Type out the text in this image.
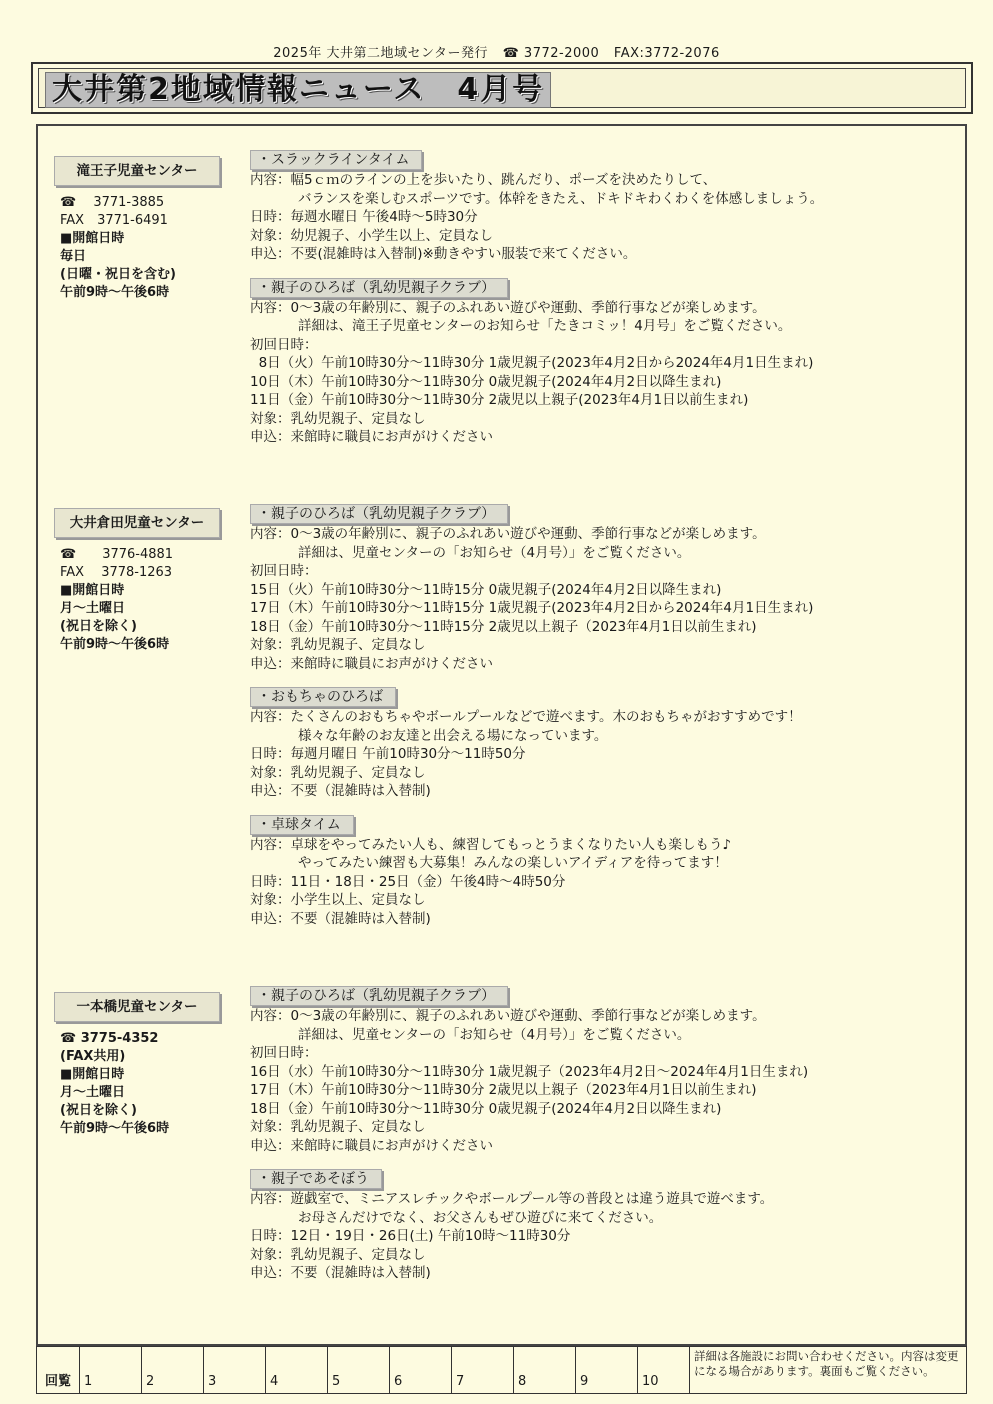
2025年 大井第二地域センター発行 ☎ 3772-2000 FAX:3772-2076
大井第2地域情報ニュース　4月号
滝王子児童センター
☎　 3771-3885
FAX　3771-6491
■開館日時
毎日
(日曜・祝日を含む)
午前9時～午後6時
・スラックラインタイム
内容：幅5ｃｍのラインの上を歩いたり、跳んだり、ポーズを決めたりして、
バランスを楽しむスポーツです。体幹をきたえ、ドキドキわくわくを体感しましょう。
日時：毎週水曜日 午後4時～5時30分
対象：幼児親子、小学生以上、定員なし
申込：不要(混雑時は入替制)※動きやすい服装で来てください。
・親子のひろば（乳幼児親子クラブ）
内容：0～3歳の年齢別に、親子のふれあい遊びや運動、季節行事などが楽しめます。
詳細は、滝王子児童センターのお知らせ「たきコミッ！4月号」をご覧ください。
初回日時：
8日（火）午前10時30分～11時30分 1歳児親子(2023年4月2日から2024年4月1日生まれ)
10日（木）午前10時30分～11時30分 0歳児親子(2024年4月2日以降生まれ)
11日（金）午前10時30分～11時30分 2歳児以上親子(2023年4月1日以前生まれ)
対象：乳幼児親子、定員なし
申込：来館時に職員にお声がけください
大井倉田児童センター
☎　　3776-4881
FAX　 3778-1263
■開館日時
月～土曜日
(祝日を除く)
午前9時～午後6時
・親子のひろば（乳幼児親子クラブ）
内容：0～3歳の年齢別に、親子のふれあい遊びや運動、季節行事などが楽しめます。
詳細は、児童センターの「お知らせ（4月号）」をご覧ください。
初回日時：
15日（火）午前10時30分～11時15分 0歳児親子(2024年4月2日以降生まれ)
17日（木）午前10時30分～11時15分 1歳児親子(2023年4月2日から2024年4月1日生まれ)
18日（金）午前10時30分～11時15分 2歳児以上親子（2023年4月1日以前生まれ)
対象：乳幼児親子、定員なし
申込：来館時に職員にお声がけください
・おもちゃのひろば
内容：たくさんのおもちゃやボールプールなどで遊べます。木のおもちゃがおすすめです！
様々な年齢のお友達と出会える場になっています。
日時：毎週月曜日 午前10時30分～11時50分
対象：乳幼児親子、定員なし
申込：不要（混雑時は入替制)
・卓球タイム
内容：卓球をやってみたい人も、練習してもっとうまくなりたい人も楽しもう♪
やってみたい練習も大募集！みんなの楽しいアイディアを待ってます！
日時：11日・18日・25日（金）午後4時～4時50分
対象：小学生以上、定員なし
申込：不要（混雑時は入替制)
一本橋児童センター
☎ 3775-4352
(FAX共用)
■開館日時
月～土曜日
(祝日を除く)
午前9時～午後6時
・親子のひろば（乳幼児親子クラブ）
内容：0～3歳の年齢別に、親子のふれあい遊びや運動、季節行事などが楽しめます。
詳細は、児童センターの「お知らせ（4月号）」をご覧ください。
初回日時：
16日（水）午前10時30分～11時30分 1歳児親子（2023年4月2日～2024年4月1日生まれ)
17日（木）午前10時30分～11時30分 2歳児以上親子（2023年4月1日以前生まれ)
18日（金）午前10時30分～11時30分 0歳児親子(2024年4月2日以降生まれ)
対象：乳幼児親子、定員なし
申込：来館時に職員にお声がけください
・親子であそぼう
内容：遊戯室で、ミニアスレチックやボールプール等の普段とは違う遊具で遊べます。
お母さんだけでなく、お父さんもぜひ遊びに来てください。
日時：12日・19日・26日(土) 午前10時～11時30分
対象：乳幼児親子、定員なし
申込：不要（混雑時は入替制)
回覧	1	2	3	4	5	6	7	8	9	10
詳細は各施設にお問い合わせください。内容は変更になる場合があります。裏面もご覧ください。
